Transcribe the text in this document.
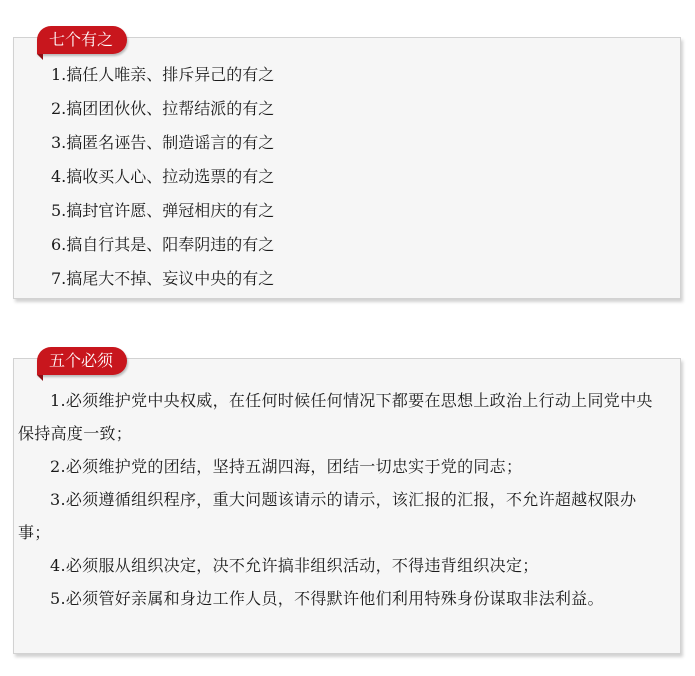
七个有之
1.搞任人唯亲、排斥异己的有之
2.搞团团伙伙、拉帮结派的有之
3.搞匿名诬告、制造谣言的有之
4.搞收买人心、拉动选票的有之
5.搞封官许愿、弹冠相庆的有之
6.搞自行其是、阳奉阴违的有之
7.搞尾大不掉、妄议中央的有之
五个必须
1.必须维护党中央权威，在任何时候任何情况下都要在思想上政治上行动上同党中央保持高度一致；
2.必须维护党的团结，坚持五湖四海，团结一切忠实于党的同志；
3.必须遵循组织程序，重大问题该请示的请示，该汇报的汇报，不允许超越权限办事；
4.必须服从组织决定，决不允许搞非组织活动，不得违背组织决定；
5.必须管好亲属和身边工作人员，不得默许他们利用特殊身份谋取非法利益。
